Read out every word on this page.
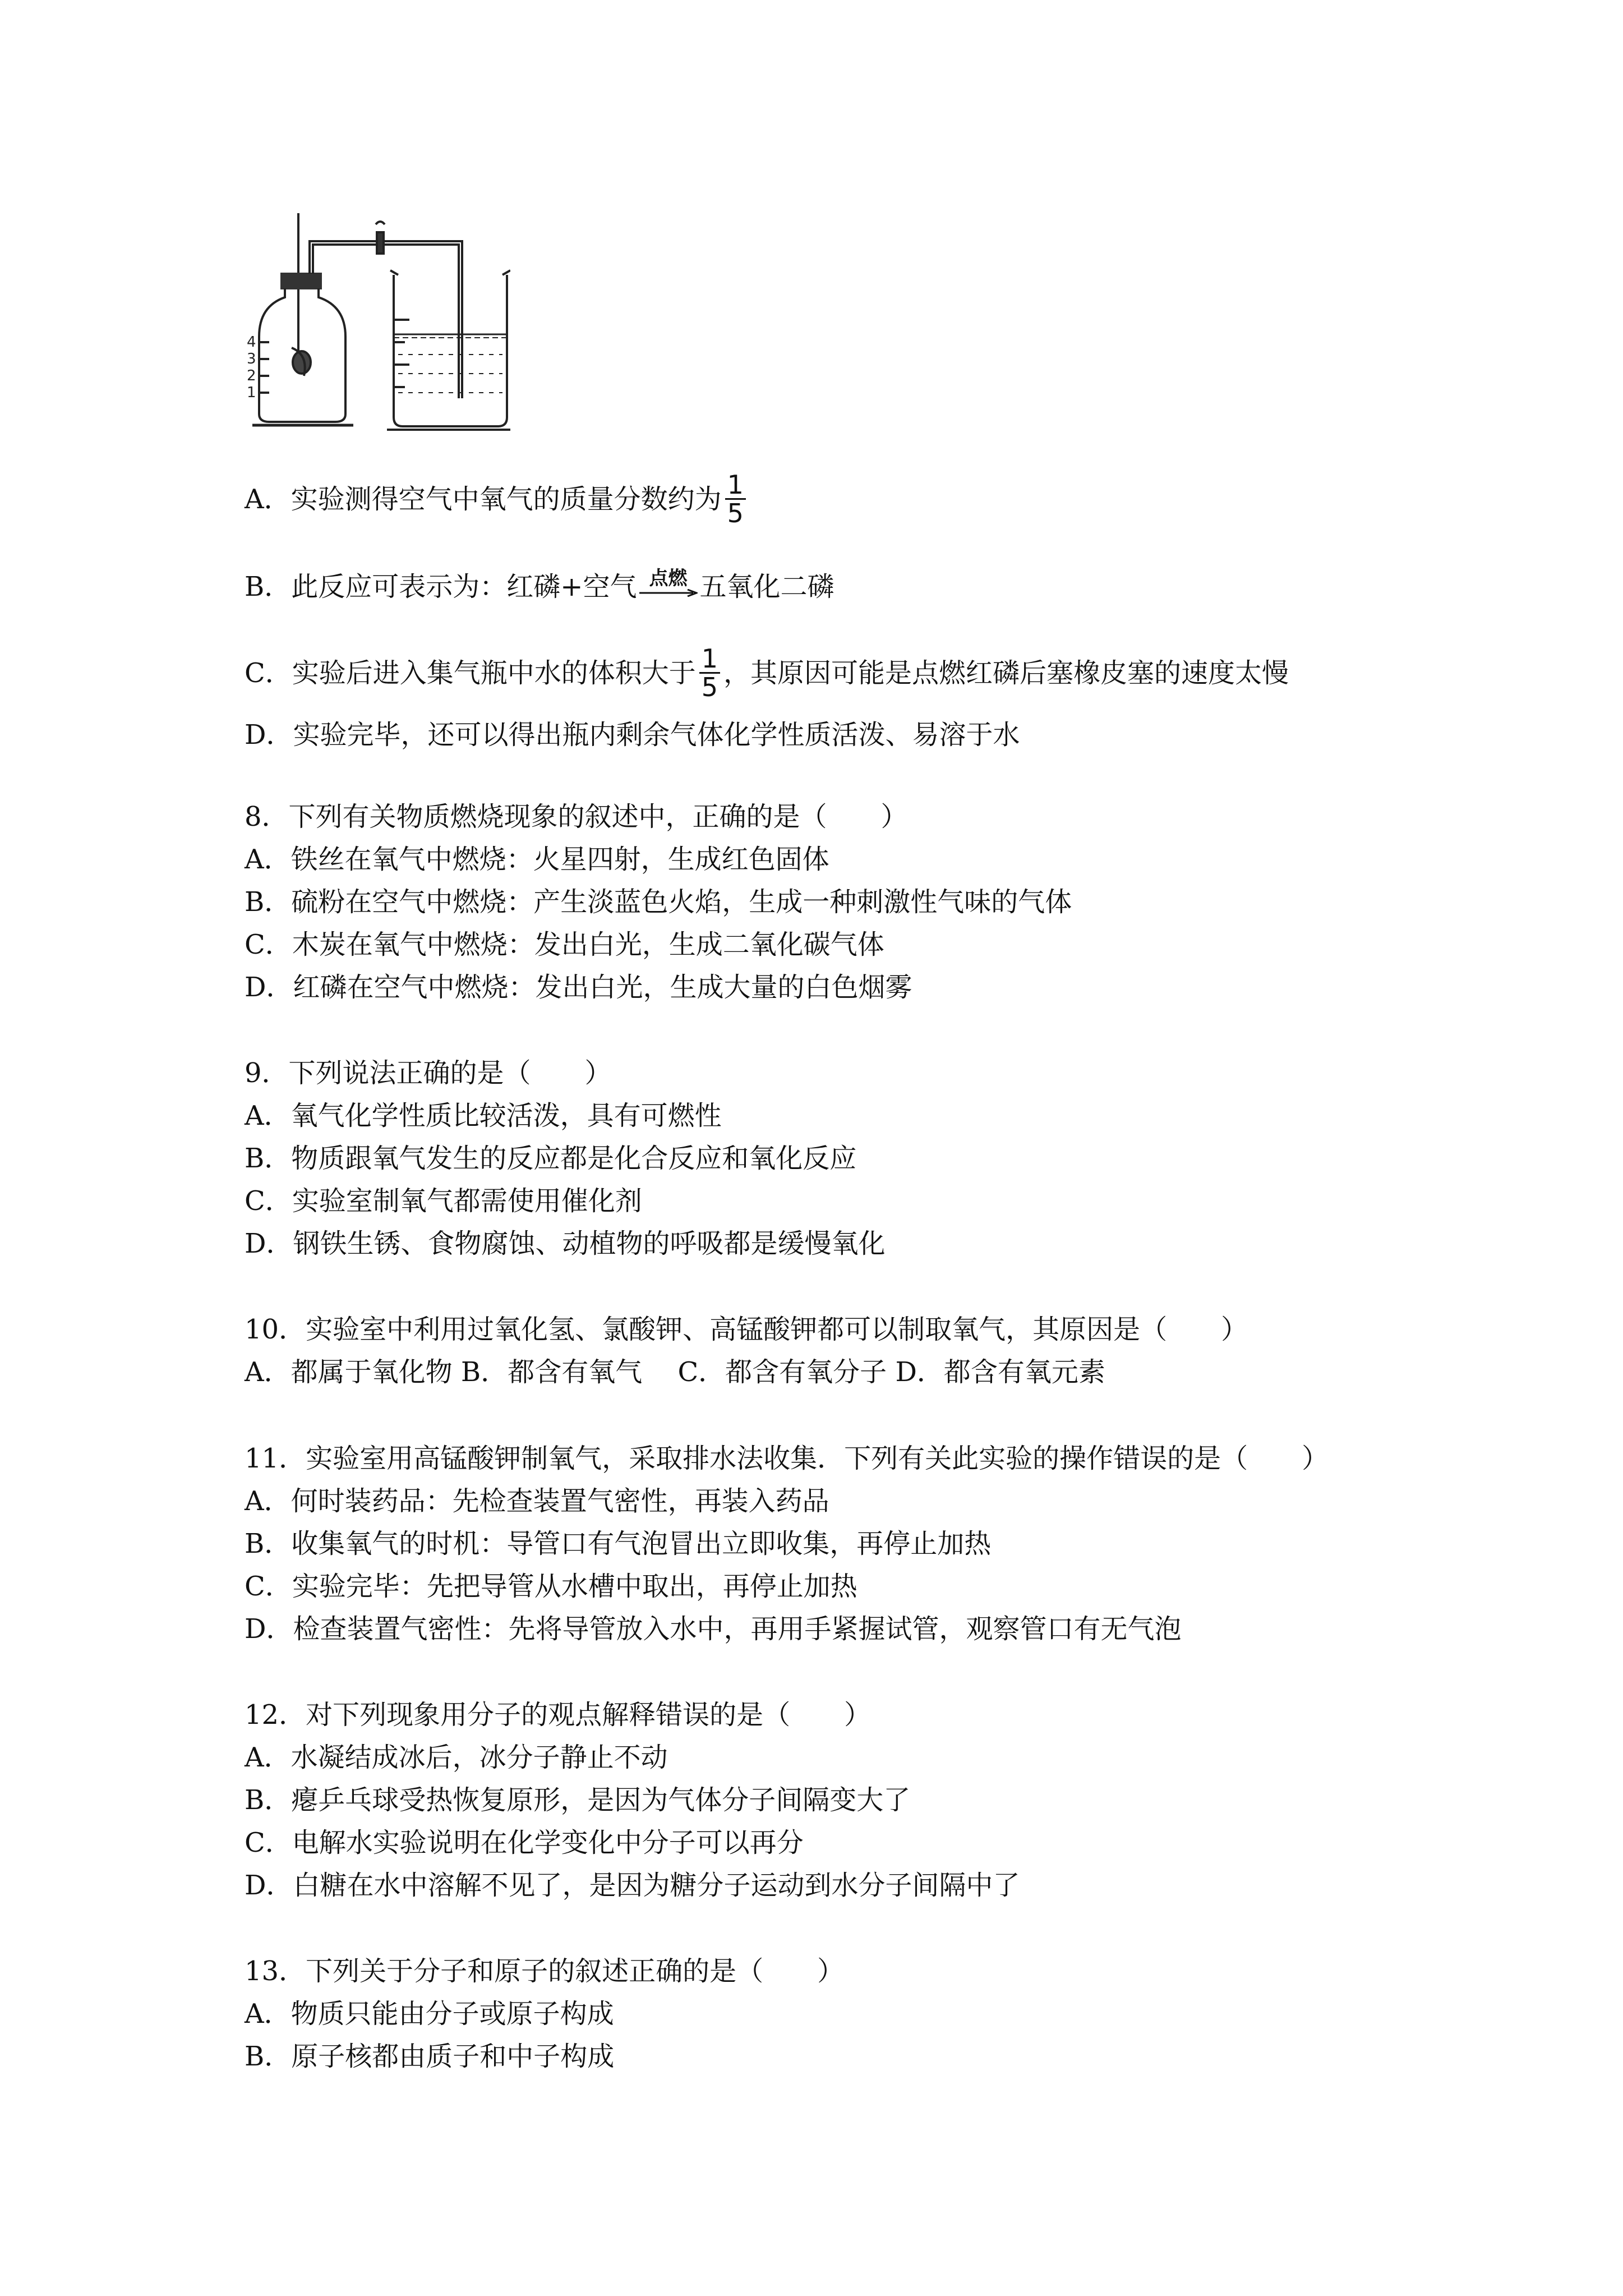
4
3
2
1
A．实验测得空气中氧气的质量分数约为 $\frac{1}{5}$
B．此反应可表示为：红磷+空气 点燃 五氧化二磷
C．实验后进入集气瓶中水的体积大于 $\frac{1}{5}$ ，其原因可能是点燃红磷后塞橡皮塞的速度太慢
D．实验完毕，还可以得出瓶内剩余气体化学性质活泼、易溶于水
8．下列有关物质燃烧现象的叙述中，正确的是（　　）
A．铁丝在氧气中燃烧：火星四射，生成红色固体
B．硫粉在空气中燃烧：产生淡蓝色火焰，生成一种刺激性气味的气体
C．木炭在氧气中燃烧：发出白光，生成二氧化碳气体
D．红磷在空气中燃烧：发出白光，生成大量的白色烟雾
9．下列说法正确的是（　　）
A．氧气化学性质比较活泼，具有可燃性
B．物质跟氧气发生的反应都是化合反应和氧化反应
C．实验室制氧气都需使用催化剂
D．钢铁生锈、食物腐蚀、动植物的呼吸都是缓慢氧化
10．实验室中利用过氧化氢、氯酸钾、高锰酸钾都可以制取氧气，其原因是（　　）
A．都属于氧化物 B．都含有氧气　 C．都含有氧分子 D．都含有氧元素
11．实验室用高锰酸钾制氧气，采取排水法收集．下列有关此实验的操作错误的是（　　）
A．何时装药品：先检查装置气密性，再装入药品
B．收集氧气的时机：导管口有气泡冒出立即收集，再停止加热
C．实验完毕：先把导管从水槽中取出，再停止加热
D．检查装置气密性：先将导管放入水中，再用手紧握试管，观察管口有无气泡
12．对下列现象用分子的观点解释错误的是（　　）
A．水凝结成冰后，冰分子静止不动
B．瘪乒乓球受热恢复原形，是因为气体分子间隔变大了
C．电解水实验说明在化学变化中分子可以再分
D．白糖在水中溶解不见了，是因为糖分子运动到水分子间隔中了
13．下列关于分子和原子的叙述正确的是（　　）
A．物质只能由分子或原子构成
B．原子核都由质子和中子构成
